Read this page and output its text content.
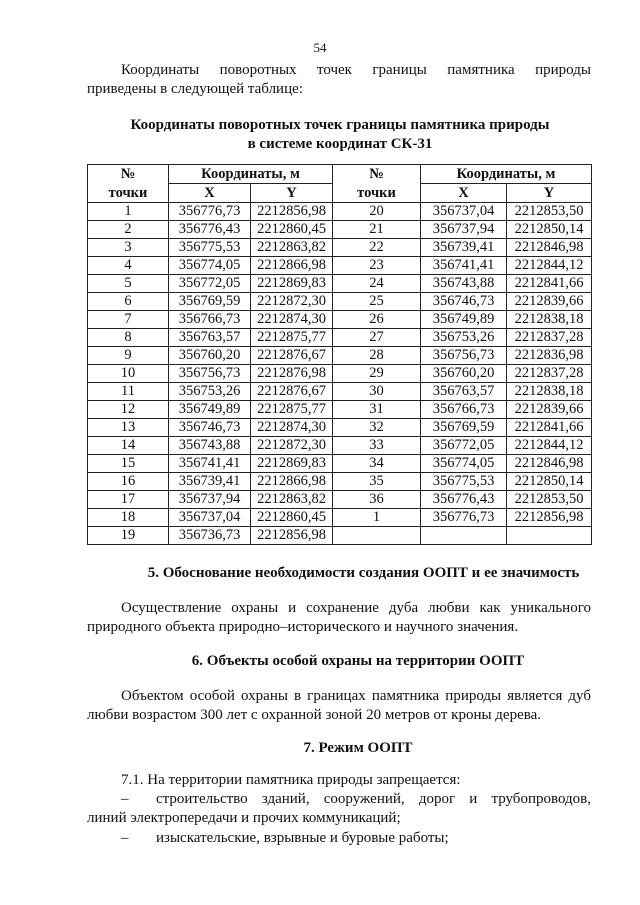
54
Координаты поворотных точек границы памятника природы
приведены в следующей таблице:
Координаты поворотных точек границы памятника природы
в системе координат СК-31
№	Координаты, м		№	Координаты, м	
точки	X	Y	точки	X	Y
1	356776,73	2212856,98	20	356737,04	2212853,50
2	356776,43	2212860,45	21	356737,94	2212850,14
3	356775,53	2212863,82	22	356739,41	2212846,98
4	356774,05	2212866,98	23	356741,41	2212844,12
5	356772,05	2212869,83	24	356743,88	2212841,66
6	356769,59	2212872,30	25	356746,73	2212839,66
7	356766,73	2212874,30	26	356749,89	2212838,18
8	356763,57	2212875,77	27	356753,26	2212837,28
9	356760,20	2212876,67	28	356756,73	2212836,98
10	356756,73	2212876,98	29	356760,20	2212837,28
11	356753,26	2212876,67	30	356763,57	2212838,18
12	356749,89	2212875,77	31	356766,73	2212839,66
13	356746,73	2212874,30	32	356769,59	2212841,66
14	356743,88	2212872,30	33	356772,05	2212844,12
15	356741,41	2212869,83	34	356774,05	2212846,98
16	356739,41	2212866,98	35	356775,53	2212850,14
17	356737,94	2212863,82	36	356776,43	2212853,50
18	356737,04	2212860,45	1	356776,73	2212856,98
19	356736,73	2212856,98			
5. Обоснование необходимости создания ООПТ и ее значимость
Осуществление охраны и сохранение дуба любви как уникального
природного объекта природно–исторического и научного значения.
6. Объекты особой охраны на территории ООПТ
Объектом особой охраны в границах памятника природы является дуб
любви возрастом 300 лет с охранной зоной 20 метров от кроны дерева.
7. Режим ООПТ
7.1. На территории памятника природы запрещается:
–	строительство зданий, сооружений, дорог и трубопроводов,
линий электропередачи и прочих коммуникаций;
–	изыскательские, взрывные и буровые работы;
